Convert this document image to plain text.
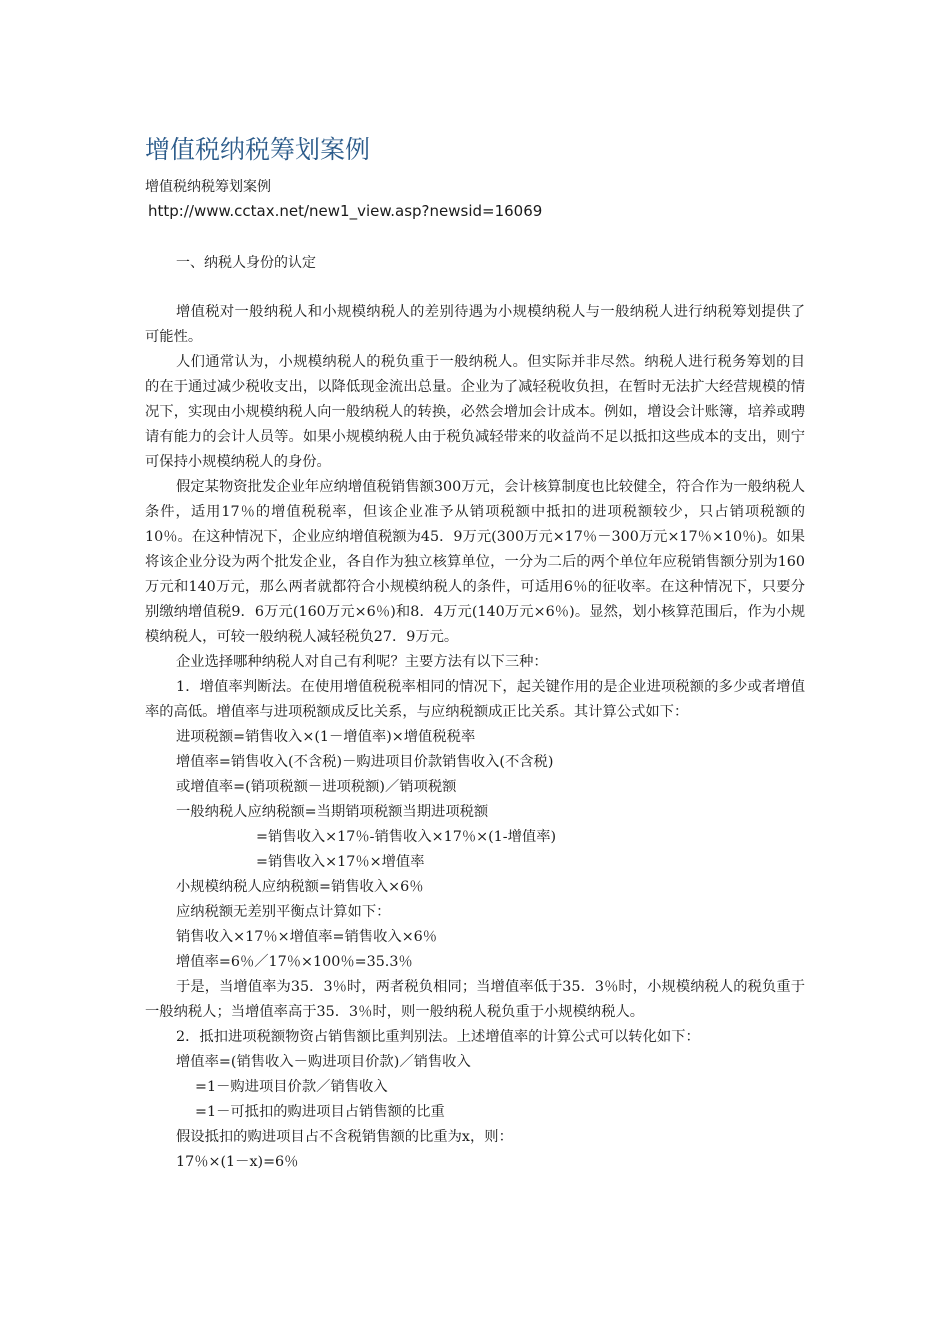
增值税纳税筹划案例
增值税纳税筹划案例
http://www.cctax.net/new1_view.asp?newsid=16069
一、纳税人身份的认定

增值税对一般纳税人和小规模纳税人的差别待遇为小规模纳税人与一般纳税人进行纳税筹划提供了可能性。

人们通常认为，小规模纳税人的税负重于一般纳税人。但实际并非尽然。纳税人进行税务筹划的目的在于通过减少税收支出，以降低现金流出总量。企业为了减轻税收负担，在暂时无法扩大经营规模的情况下，实现由小规模纳税人向一般纳税人的转换，必然会增加会计成本。例如，增设会计账簿，培养或聘请有能力的会计人员等。如果小规模纳税人由于税负减轻带来的收益尚不足以抵扣这些成本的支出，则宁可保持小规模纳税人的身份。

假定某物资批发企业年应纳增值税销售额300万元，会计核算制度也比较健全，符合作为一般纳税人条件，适用17％的增值税税率，但该企业准予从销项税额中抵扣的进项税额较少，只占销项税额的10％。在这种情况下，企业应纳增值税额为45．9万元(300万元×17％－300万元×17％×10％)。如果将该企业分设为两个批发企业，各自作为独立核算单位，一分为二后的两个单位年应税销售额分别为160万元和140万元，那么两者就都符合小规模纳税人的条件，可适用6％的征收率。在这种情况下，只要分别缴纳增值税9．6万元(160万元×6％)和8．4万元(140万元×6％)。显然，划小核算范围后，作为小规模纳税人，可较一般纳税人减轻税负27．9万元。

企业选择哪种纳税人对自己有利呢？主要方法有以下三种：

1．增值率判断法。在使用增值税税率相同的情况下，起关键作用的是企业进项税额的多少或者增值率的高低。增值率与进项税额成反比关系，与应纳税额成正比关系。其计算公式如下：

进项税额=销售收入×(1－增值率)×增值税税率

增值率=销售收入(不含税)－购进项目价款销售收入(不含税)

或增值率=(销项税额－进项税额)／销项税额

一般纳税人应纳税额=当期销项税额当期进项税额

=销售收入×17％-销售收入×17％×(1-增值率)

=销售收入×17％×增值率

小规模纳税人应纳税额=销售收入×6％

应纳税额无差别平衡点计算如下：

销售收入×17％×增值率=销售收入×6％

增值率=6％／17％×100％=35.3％

于是，当增值率为35．3％时，两者税负相同；当增值率低于35．3％时，小规模纳税人的税负重于一般纳税人；当增值率高于35．3％时，则一般纳税人税负重于小规模纳税人。

2．抵扣进项税额物资占销售额比重判别法。上述增值率的计算公式可以转化如下：

增值率=(销售收入－购进项目价款)／销售收入

=1－购进项目价款／销售收入

=1－可抵扣的购进项目占销售额的比重

假设抵扣的购进项目占不含税销售额的比重为x，则：

17％×(1－x)=6％
